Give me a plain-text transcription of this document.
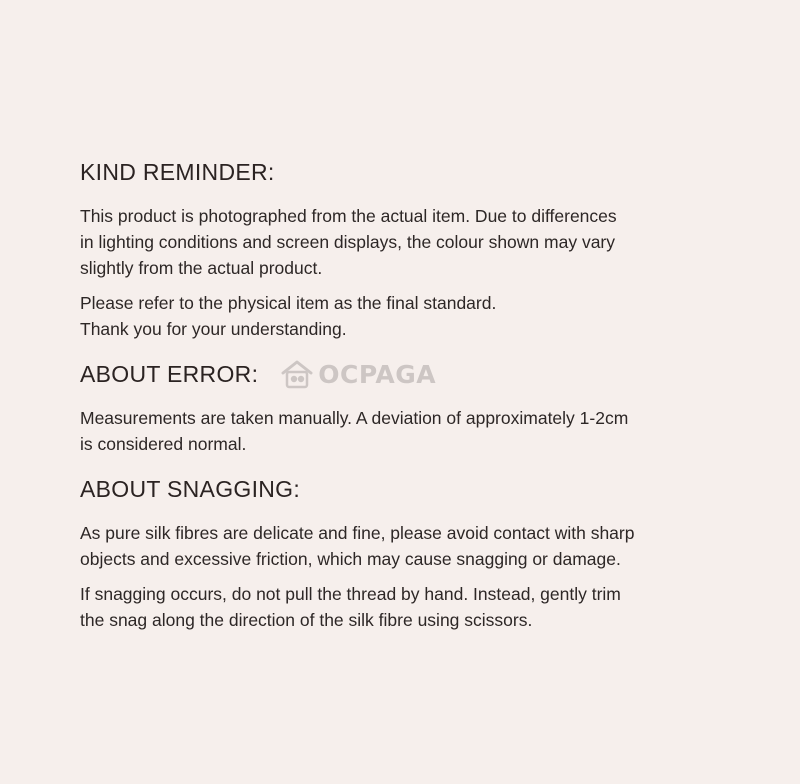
KIND REMINDER:

This product is photographed from the actual item. Due to differences

in lighting conditions and screen displays, the colour shown may vary

slightly from the actual product.

Please refer to the physical item as the final standard.

Thank you for your understanding.

ABOUT ERROR: OCPAGA

Measurements are taken manually. A deviation of approximately 1-2cm

is considered normal.

ABOUT SNAGGING:

As pure silk fibres are delicate and fine, please avoid contact with sharp

objects and excessive friction, which may cause snagging or damage.

If snagging occurs, do not pull the thread by hand. Instead, gently trim

the snag along the direction of the silk fibre using scissors.
